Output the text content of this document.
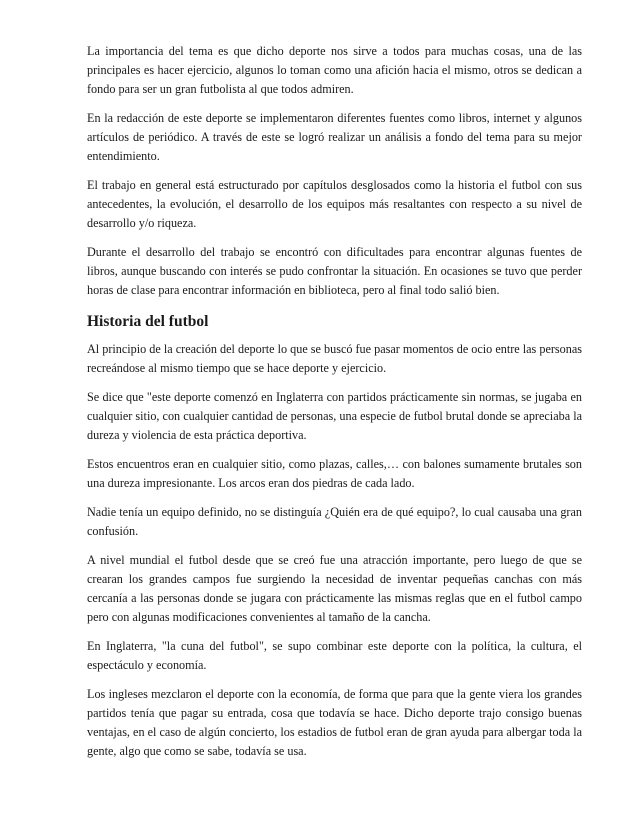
La importancia del tema es que dicho deporte nos sirve a todos para muchas cosas, una de las principales es hacer ejercicio, algunos lo toman como una afición hacia el mismo, otros se dedican a fondo para ser un gran futbolista al que todos admiren.

En la redacción de este deporte se implementaron diferentes fuentes como libros, internet y algunos artículos de periódico. A través de este se logró realizar un análisis a fondo del tema para su mejor entendimiento.

El trabajo en general está estructurado por capítulos desglosados como la historia el futbol con sus antecedentes, la evolución, el desarrollo de los equipos más resaltantes con respecto a su nivel de desarrollo y/o riqueza.

Durante el desarrollo del trabajo se encontró con dificultades para encontrar algunas fuentes de libros, aunque buscando con interés se pudo confrontar la situación. En ocasiones se tuvo que perder horas de clase para encontrar información en biblioteca, pero al final todo salió bien.

Historia del futbol

Al principio de la creación del deporte lo que se buscó fue pasar momentos de ocio entre las personas recreándose al mismo tiempo que se hace deporte y ejercicio.

Se dice que "este deporte comenzó en Inglaterra con partidos prácticamente sin normas, se jugaba en cualquier sitio, con cualquier cantidad de personas, una especie de futbol brutal donde se apreciaba la dureza y violencia de esta práctica deportiva.

Estos encuentros eran en cualquier sitio, como plazas, calles,… con balones sumamente brutales son una dureza impresionante. Los arcos eran dos piedras de cada lado.

Nadie tenía un equipo definido, no se distinguía ¿Quién era de qué equipo?, lo cual causaba una gran confusión.

A nivel mundial el futbol desde que se creó fue una atracción importante, pero luego de que se crearan los grandes campos fue surgiendo la necesidad de inventar pequeñas canchas con más cercanía a las personas donde se jugara con prácticamente las mismas reglas que en el futbol campo pero con algunas modificaciones convenientes al tamaño de la cancha.

En Inglaterra, "la cuna del futbol", se supo combinar este deporte con la política, la cultura, el espectáculo y economía.

Los ingleses mezclaron el deporte con la economía, de forma que para que la gente viera los grandes partidos tenía que pagar su entrada, cosa que todavía se hace. Dicho deporte trajo consigo buenas ventajas, en el caso de algún concierto, los estadios de futbol eran de gran ayuda para albergar toda la gente, algo que como se sabe, todavía se usa.
